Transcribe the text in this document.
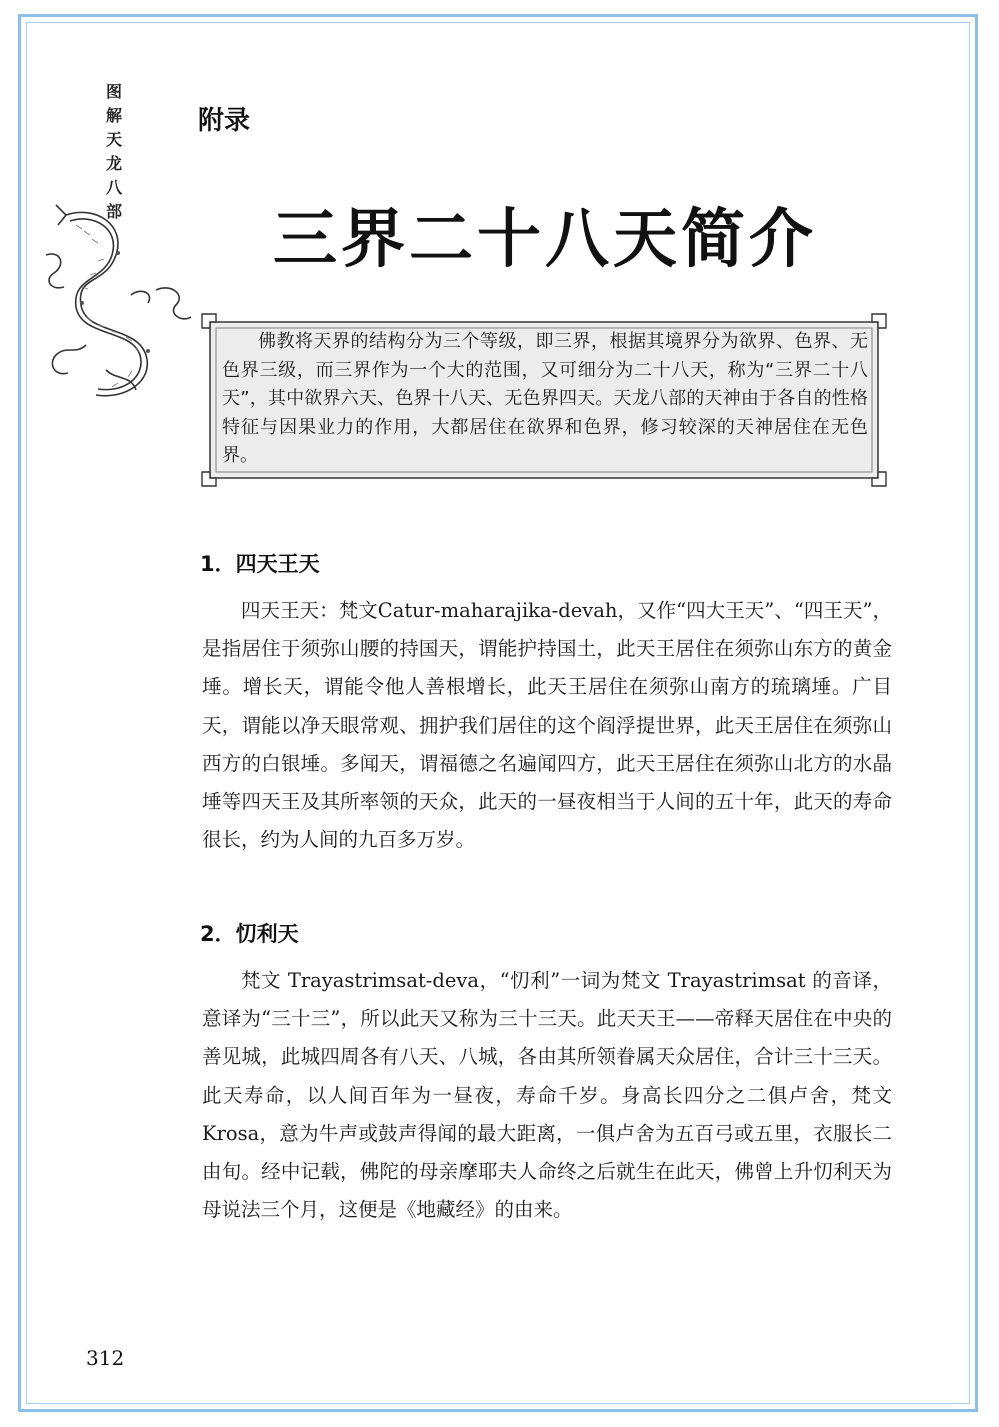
图解天龙八部
附录
三界二十八天简介
佛教将天界的结构分为三个等级，即三界，根据其境界分为欲界、色界、无色界三级，而三界作为一个大的范围，又可细分为二十八天，称为“三界二十八天”，其中欲界六天、色界十八天、无色界四天。天龙八部的天神由于各自的性格特征与因果业力的作用，大都居住在欲界和色界，修习较深的天神居住在无色界。
1．四天王天
四天王天：梵文Catur-maharajika-devah，又作“四大王天”、“四王天”，是指居住于须弥山腰的持国天，谓能护持国土，此天王居住在须弥山东方的黄金埵。增长天，谓能令他人善根增长，此天王居住在须弥山南方的琉璃埵。广目天，谓能以净天眼常观、拥护我们居住的这个阎浮提世界，此天王居住在须弥山西方的白银埵。多闻天，谓福德之名遍闻四方，此天王居住在须弥山北方的水晶埵等四天王及其所率领的天众，此天的一昼夜相当于人间的五十年，此天的寿命很长，约为人间的九百多万岁。
2．忉利天
梵文 Trayastrimsat-deva，“忉利”一词为梵文 Trayastrimsat 的音译，意译为“三十三”，所以此天又称为三十三天。此天天王——帝释天居住在中央的善见城，此城四周各有八天、八城，各由其所领眷属天众居住，合计三十三天。此天寿命，以人间百年为一昼夜，寿命千岁。身高长四分之二俱卢舍，梵文 Krosa，意为牛声或鼓声得闻的最大距离，一俱卢舍为五百弓或五里，衣服长二由旬。经中记载，佛陀的母亲摩耶夫人命终之后就生在此天，佛曾上升忉利天为母说法三个月，这便是《地藏经》的由来。
312
